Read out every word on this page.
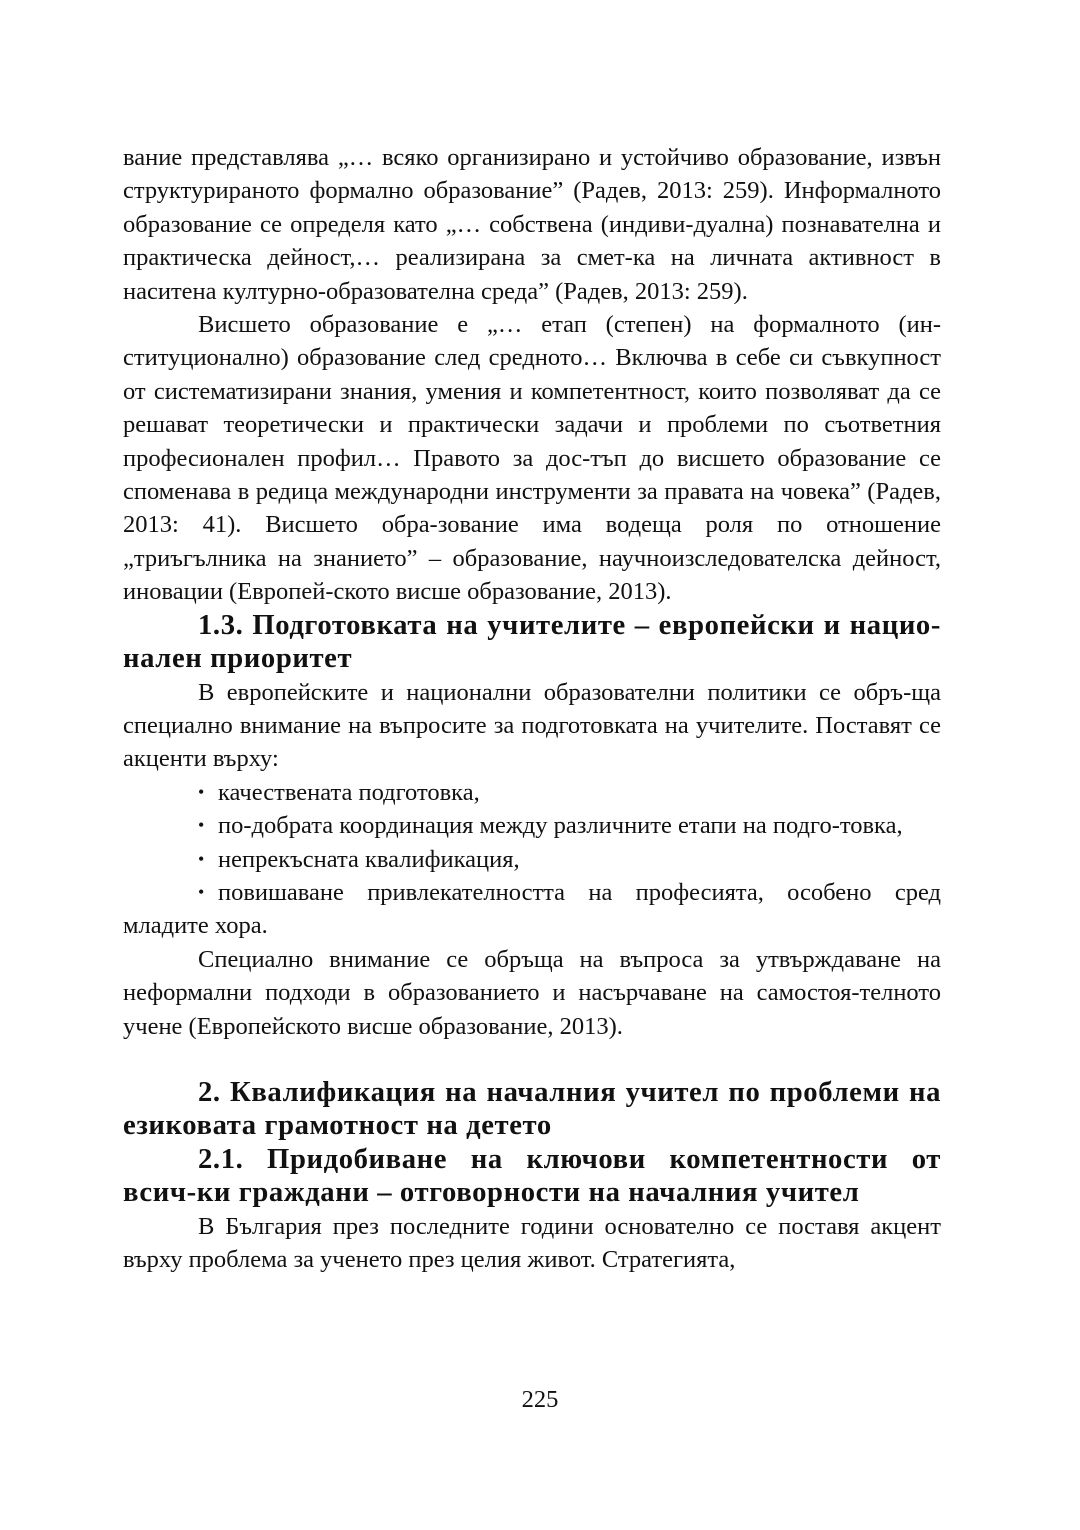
вание представлява „… всяко организирано и устойчиво образование, извън структурираното формално образование” (Радев, 2013: 259). Информалното образование се определя като „… собствена (индиви-дуална) познавателна и практическа дейност,… реализирана за смет-ка на личната активност в наситена културно-образователна среда” (Радев, 2013: 259).

Висшето образование е „… етап (степен) на формалното (ин-ституционално) образование след средното… Включва в себе си съвкупност от систематизирани знания, умения и компетентност, които позволяват да се решават теоретически и практически задачи и проблеми по съответния професионален профил… Правото за дос-тъп до висшето образование се споменава в редица международни инструменти за правата на човека” (Радев, 2013: 41). Висшето обра-зование има водеща роля по отношение „триъгълника на знанието” – образование, научноизследователска дейност, иновации (Европей-ското висше образование, 2013).

1.3. Подготовката на учителите – европейски и нацио-нален приоритет

В европейските и национални образователни политики се обръ-ща специално внимание на въпросите за подготовката на учителите. Поставят се акценти върху:

• качествената подготовка,
• по-добрата координация между различните етапи на подго-товка,
• непрекъсната квалификация,
• повишаване привлекателността на професията, особено сред младите хора.

Специално внимание се обръща на въпроса за утвърждаване на неформални подходи в образованието и насърчаване на самостоя-телното учене (Европейското висше образование, 2013).

2. Квалификация на началния учител по проблеми на езиковата грамотност на детето
2.1. Придобиване на ключови компетентности от всич-ки граждани – отговорности на началния учител

В България през последните години основателно се поставя акцент върху проблема за ученето през целия живот. Стратегията,

225
